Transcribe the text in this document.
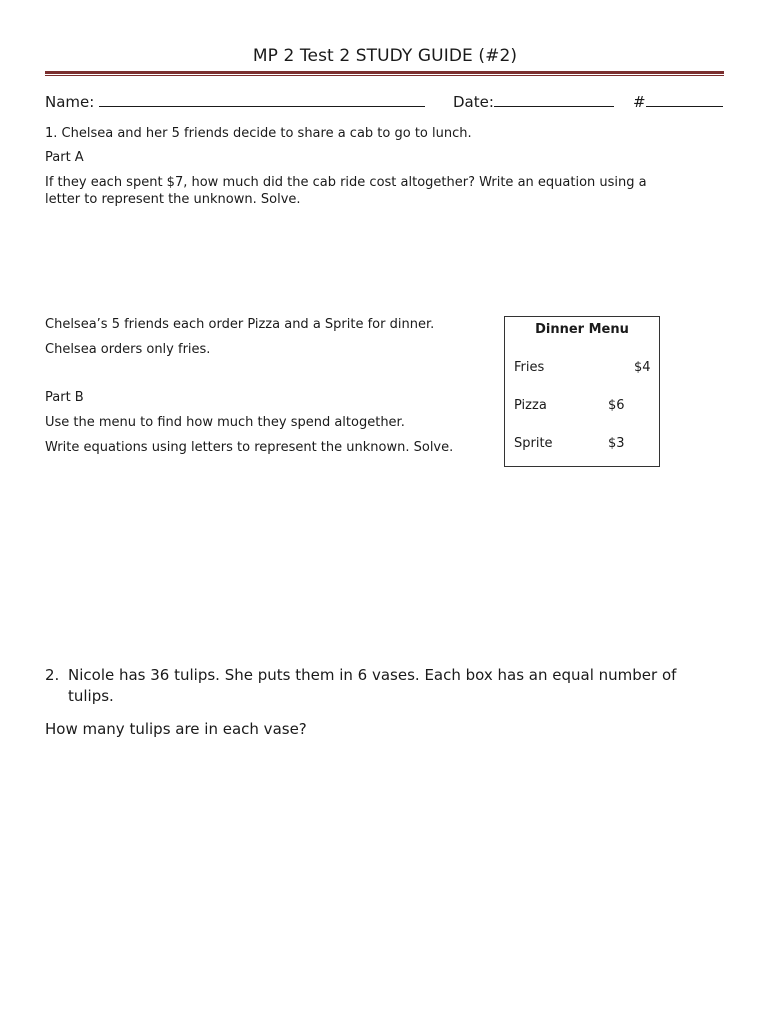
MP 2 Test 2 STUDY GUIDE (#2)
Name:	Date:	#
1. Chelsea and her 5 friends decide to share a cab to go to lunch.
Part A
If they each spent $7, how much did the cab ride cost altogether? Write an equation using a
letter to represent the unknown. Solve.
Chelsea’s 5 friends each order Pizza and a Sprite for dinner.
Chelsea orders only fries.
Part B
Use the menu to find how much they spend altogether.
Write equations using letters to represent the unknown. Solve.
Dinner Menu
Fries	$4
Pizza	$6
Sprite	$3
2. Nicole has 36 tulips. She puts them in 6 vases. Each box has an equal number of
tulips.
How many tulips are in each vase?
